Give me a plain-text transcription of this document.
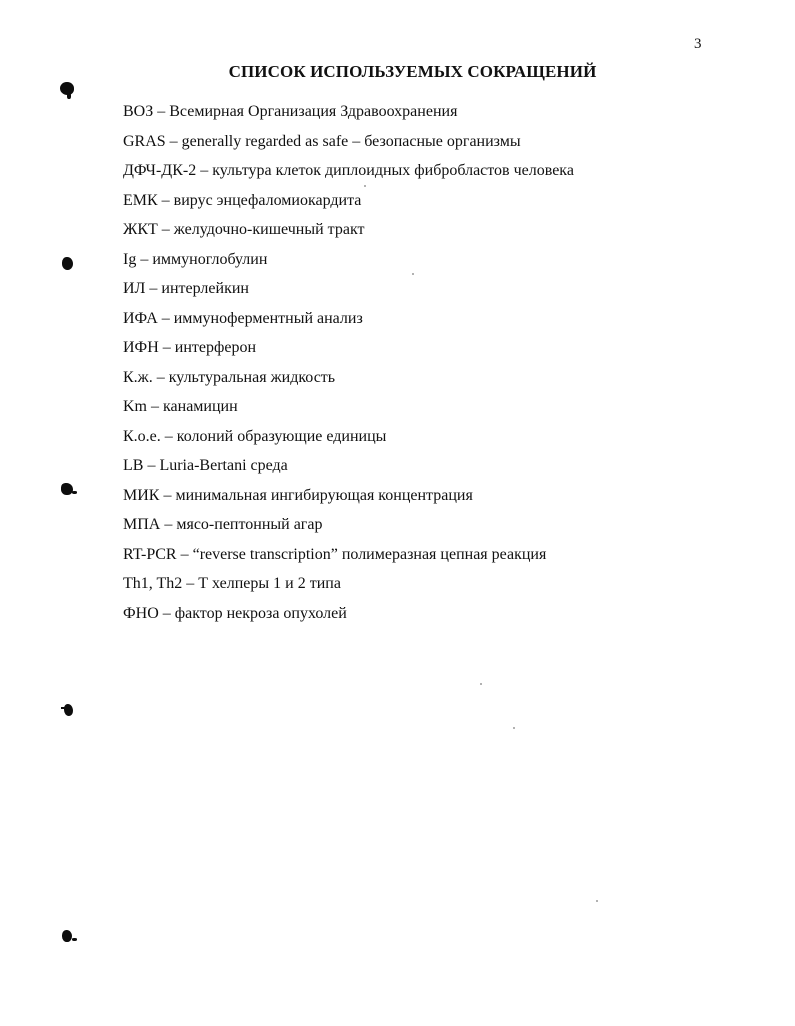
3
СПИСОК ИСПОЛЬЗУЕМЫХ СОКРАЩЕНИЙ
ВОЗ – Всемирная Организация Здравоохранения
GRAS – generally regarded as safe – безопасные организмы
ДФЧ-ДК-2 – культура клеток диплоидных фибробластов человека
ЕМК – вирус энцефаломиокардита
ЖКТ – желудочно-кишечный тракт
Ig – иммуноглобулин
ИЛ – интерлейкин
ИФА – иммуноферментный анализ
ИФН – интерферон
К.ж. – культуральная жидкость
Km – канамицин
К.о.е. – колоний образующие единицы
LB – Luria-Bertani среда
МИК – минимальная ингибирующая концентрация
МПА – мясо-пептонный агар
RT-PCR – “reverse transcription” полимеразная цепная реакция
Th1, Th2 – Т хелперы 1 и 2 типа
ФНО – фактор некроза опухолей
